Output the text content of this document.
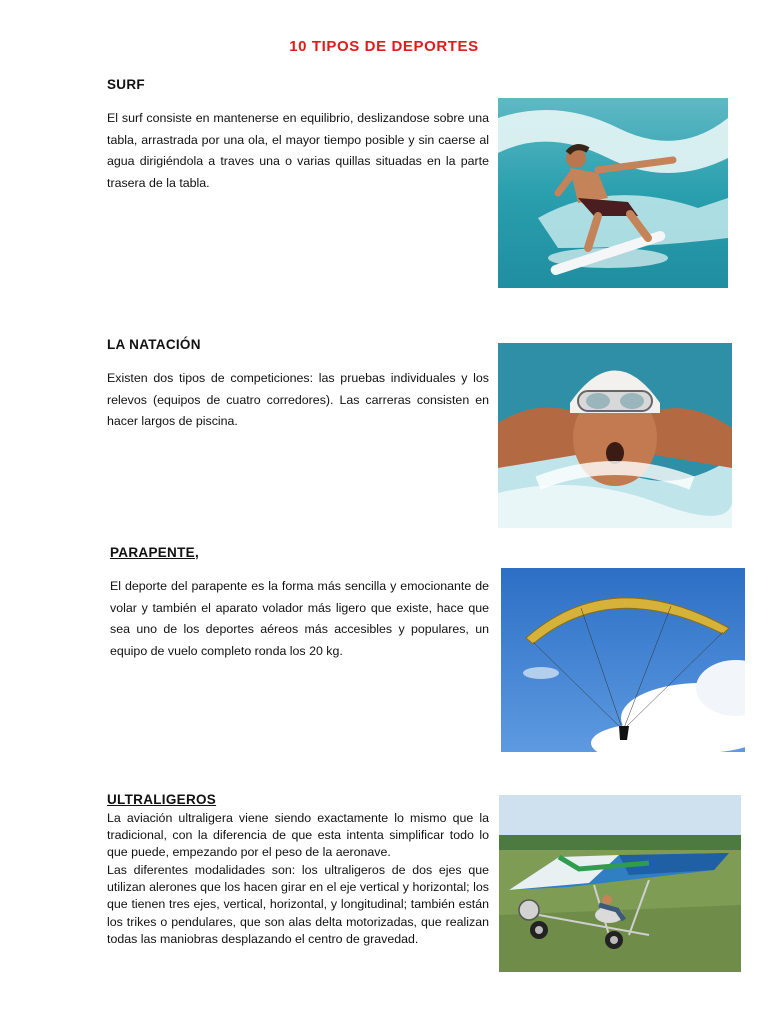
10 TIPOS DE DEPORTES
SURF
El surf consiste en mantenerse en equilibrio, deslizandose sobre una tabla, arrastrada por una ola, el mayor tiempo posible y sin caerse al agua dirigiéndola a traves una o varias quillas situadas en la parte trasera de la tabla.
LA NATACIÓN
Existen dos tipos de competiciones: las pruebas individuales y los relevos (equipos de cuatro corredores). Las carreras consisten en hacer largos de piscina.
PARAPENTE,
El deporte del parapente es la forma más sencilla y emocionante de volar y también el aparato volador más ligero que existe, hace que sea uno de los deportes aéreos más accesibles y populares, un equipo de vuelo completo ronda los 20 kg.
ULTRALIGEROS
La aviación ultraligera viene siendo exactamente lo mismo que la tradicional, con la diferencia de que esta intenta simplificar todo lo que puede, empezando por el peso de la aeronave.
Las diferentes modalidades son: los ultraligeros de dos ejes que utilizan alerones que los hacen girar en el eje vertical y horizontal; los que tienen tres ejes, vertical, horizontal, y longitudinal; también están los trikes o pendulares, que son alas delta motorizadas, que realizan todas las maniobras desplazando el centro de gravedad.
